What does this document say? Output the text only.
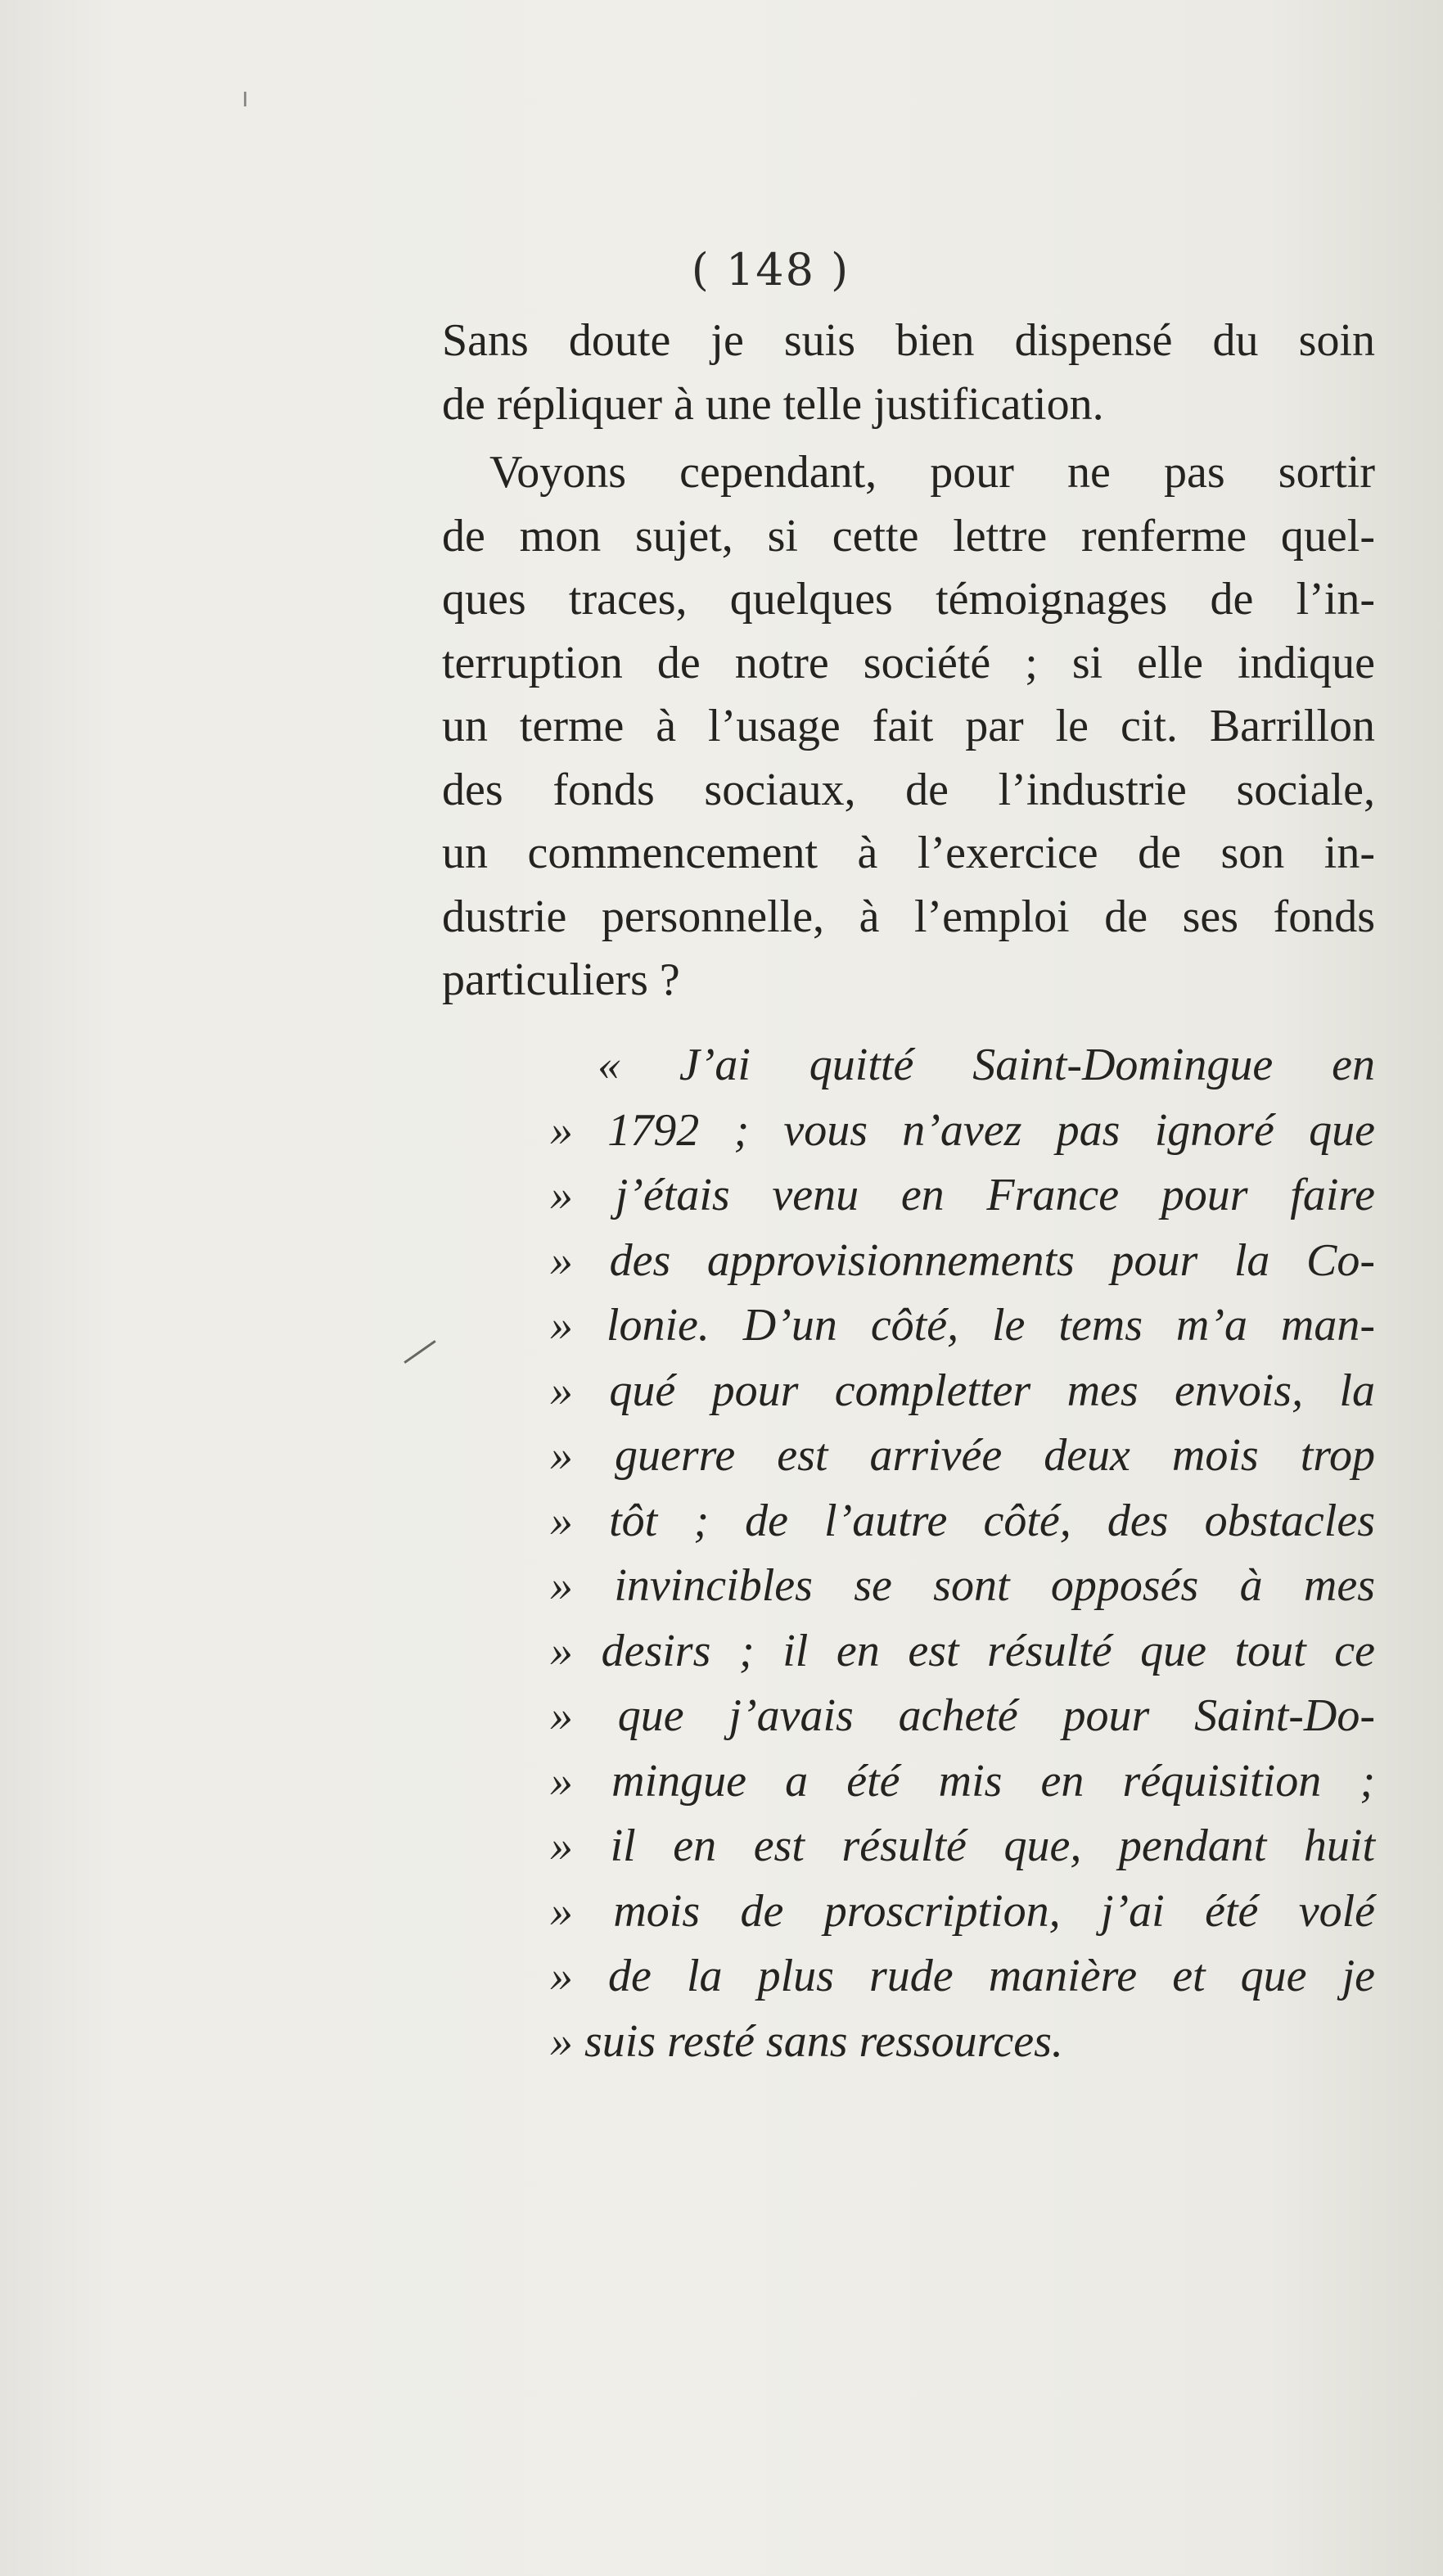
( 148 )
Sans doute je suis bien dispensé du soin
de répliquer à une telle justification.
Voyons cependant, pour ne pas sortir
de mon sujet, si cette lettre renferme quel-
ques traces, quelques témoignages de l’in-
terruption de notre société ; si elle indique
un terme à l’usage fait par le cit. Barrillon
des fonds sociaux, de l’industrie sociale,
un commencement à l’exercice de son in-
dustrie personnelle, à l’emploi de ses fonds
particuliers ?
« J’ai quitté Saint-Domingue en
» 1792 ; vous n’avez pas ignoré que
» j’étais venu en France pour faire
» des approvisionnements pour la Co-
» lonie. D’un côté, le tems m’a man-
» qué pour completter mes envois, la
» guerre est arrivée deux mois trop
» tôt ; de l’autre côté, des obstacles
» invincibles se sont opposés à mes
» desirs ; il en est résulté que tout ce
» que j’avais acheté pour Saint-Do-
» mingue a été mis en réquisition ;
» il en est résulté que, pendant huit
» mois de proscription, j’ai été volé
» de la plus rude manière et que je
» suis resté sans ressources.
